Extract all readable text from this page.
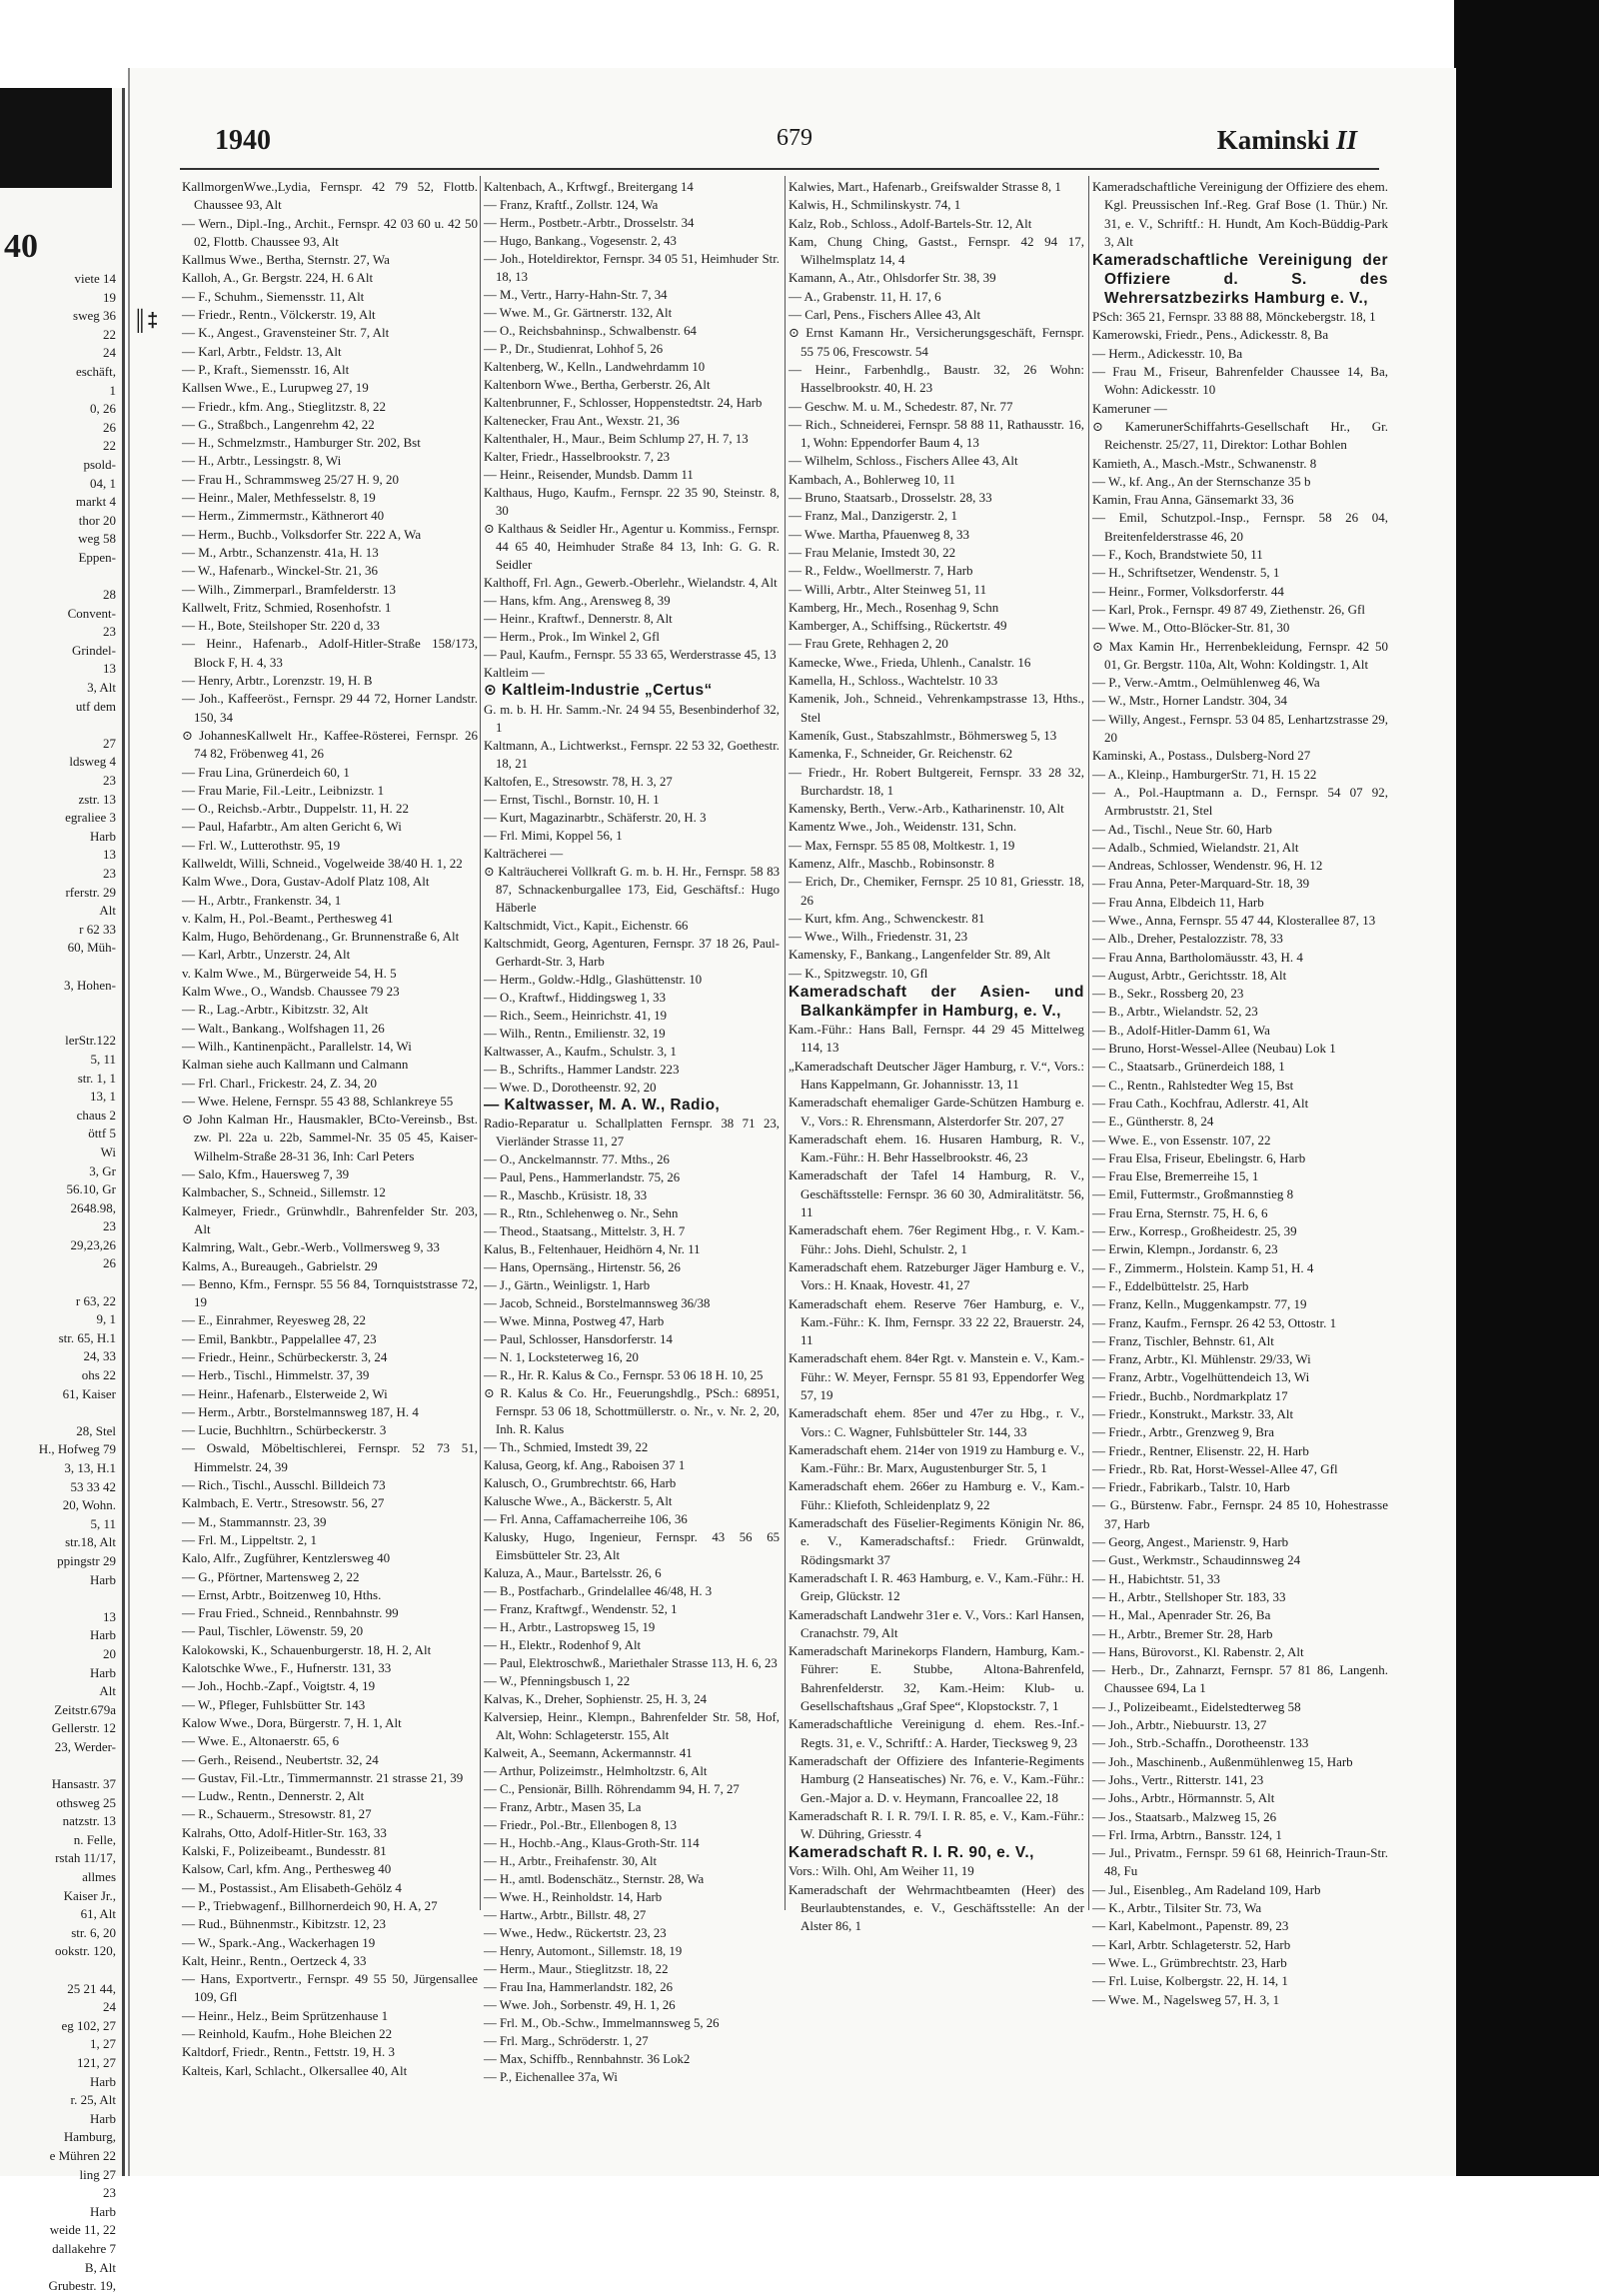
40
viete 14
19
sweg 36
22
24
eschäft,
1
0, 26
26
22
psold-
04, 1
markt 4
thor 20
weg 58
Eppen-
28
Convent-
23
Grindel-
13
3, Alt
utf dem
27
ldsweg 4
23
zstr. 13
egraliee 3
Harb
13
23
rferstr. 29
Alt
r 62 33
60, Müh-
3, Hohen-
lerStr.122
5, 11
str. 1, 1
13, 1
chaus 2
öttf 5
Wi
3, Gr
56.10, Gr
2648.98,
23
29,23,26
26
r 63, 22
9, 1
str. 65, H.1
24, 33
ohs 22
61, Kaiser
28, Stel
H., Hofweg 79
3, 13, H.1
53 33 42
20, Wohn.
5, 11
str.18, Alt
ppingstr 29
Harb
13
Harb
20
Harb
Alt
Zeitstr.679a
Gellerstr. 12
23, Werder-
Hansastr. 37
othsweg 25
natzstr. 13
n. Felle,
rstah 11/17,
allmes
Kaiser Jr.,
61, Alt
str. 6, 20
ookstr. 120,
25 21 44,
24
eg 102, 27
1, 27
121, 27
Harb
r. 25, Alt
Harb
Hamburg,
e Mühren 22
ling 27
23
Harb
weide 11, 22
dallakehre 7
B, Alt
Grubestr. 19,
║‡
1940	679	Kaminski II

KallmorgenWwe.,Lydia, Fernspr. 42 79 52, Flottb. Chaussee 93, Alt

— Wern., Dipl.-Ing., Archit., Fernspr. 42 03 60 u. 42 50 02, Flottb. Chaussee 93, Alt

Kallmus Wwe., Bertha, Sternstr. 27, Wa

Kalloh, A., Gr. Bergstr. 224, H. 6 Alt

— F., Schuhm., Siemensstr. 11, Alt

— Friedr., Rentn., Völckerstr. 19, Alt

— K., Angest., Gravensteiner Str. 7, Alt

— Karl, Arbtr., Feldstr. 13, Alt

— P., Kraft., Siemensstr. 16, Alt

Kallsen Wwe., E., Lurupweg 27, 19

— Friedr., kfm. Ang., Stieglitzstr. 8, 22

— G., Straßbch., Langenrehm 42, 22

— H., Schmelzmstr., Hamburger Str. 202, Bst

— H., Arbtr., Lessingstr. 8, Wi

— Frau H., Schrammsweg 25/27 H. 9, 20

— Heinr., Maler, Methfesselstr. 8, 19

— Herm., Zimmermstr., Käthnerort 40

— Herm., Buchb., Volksdorfer Str. 222 A, Wa

— M., Arbtr., Schanzenstr. 41a, H. 13

— W., Hafenarb., Winckel-Str. 21, 36

— Wilh., Zimmerparl., Bramfelderstr. 13

Kallwelt, Fritz, Schmied, Rosenhofstr. 1

— H., Bote, Steilshoper Str. 220 d, 33

— Heinr., Hafenarb., Adolf-Hitler-Straße 158/173, Block F, H. 4, 33

— Henry, Arbtr., Lorenzstr. 19, H. B

— Joh., Kaffeeröst., Fernspr. 29 44 72, Horner Landstr. 150, 34

⊙ JohannesKallwelt Hr., Kaffee-Rösterei, Fernspr. 26 74 82, Fröbenweg 41, 26

— Frau Lina, Grünerdeich 60, 1

— Frau Marie, Fil.-Leitr., Leibnizstr. 1

— O., Reichsb.-Arbtr., Duppelstr. 11, H. 22

— Paul, Hafarbtr., Am alten Gericht 6, Wi

— Frl. W., Lutterothstr. 95, 19

Kallweldt, Willi, Schneid., Vogelweide 38/40 H. 1, 22

Kalm Wwe., Dora, Gustav-Adolf Platz 108, Alt

— H., Arbtr., Frankenstr. 34, 1

v. Kalm, H., Pol.-Beamt., Perthesweg 41

Kalm, Hugo, Behördenang., Gr. Brunnenstraße 6, Alt

— Karl, Arbtr., Unzerstr. 24, Alt

v. Kalm Wwe., M., Bürgerweide 54, H. 5

Kalm Wwe., O., Wandsb. Chaussee 79 23

— R., Lag.-Arbtr., Kibitzstr. 32, Alt

— Walt., Bankang., Wolfshagen 11, 26

— Wilh., Kantinenpächt., Parallelstr. 14, Wi

Kalman siehe auch Kallmann und Calmann

— Frl. Charl., Frickestr. 24, Z. 34, 20

— Wwe. Helene, Fernspr. 55 43 88, Schlankreye 55

⊙ John Kalman Hr., Hausmakler, BCto-Vereinsb., Bst. zw. Pl. 22a u. 22b, Sammel-Nr. 35 05 45, Kaiser-Wilhelm-Straße 28-31 36, Inh: Carl Peters

— Salo, Kfm., Hauersweg 7, 39

Kalmbacher, S., Schneid., Sillemstr. 12

Kalmeyer, Friedr., Grünwhdlr., Bahrenfelder Str. 203, Alt

Kalmring, Walt., Gebr.-Werb., Vollmersweg 9, 33

Kalms, A., Bureaugeh., Gabrielstr. 29

— Benno, Kfm., Fernspr. 55 56 84, Tornquiststrasse 72, 19

— E., Einrahmer, Reyesweg 28, 22

— Emil, Bankbtr., Pappelallee 47, 23

— Friedr., Heinr., Schürbeckerstr. 3, 24

— Herb., Tischl., Himmelstr. 37, 39

— Heinr., Hafenarb., Elsterweide 2, Wi

— Herm., Arbtr., Borstelmannsweg 187, H. 4

— Lucie, Buchhltrn., Schürbeckerstr. 3

— Oswald, Möbeltischlerei, Fernspr. 52 73 51, Himmelstr. 24, 39

— Rich., Tischl., Ausschl. Billdeich 73

Kalmbach, E. Vertr., Stresowstr. 56, 27

— M., Stammannstr. 23, 39

— Frl. M., Lippeltstr. 2, 1

Kalo, Alfr., Zugführer, Kentzlersweg 40

— G., Pförtner, Martensweg 2, 22

— Ernst, Arbtr., Boitzenweg 10, Hths.

— Frau Fried., Schneid., Rennbahnstr. 99

— Paul, Tischler, Löwenstr. 59, 20

Kalokowski, K., Schauenburgerstr. 18, H. 2, Alt

Kalotschke Wwe., F., Hufnerstr. 131, 33

— Joh., Hochb.-Zapf., Voigtstr. 4, 19

— W., Pfleger, Fuhlsbütter Str. 143

Kalow Wwe., Dora, Bürgerstr. 7, H. 1, Alt

— Wwe. E., Altonaerstr. 65, 6

— Gerh., Reisend., Neubertstr. 32, 24

— Gustav, Fil.-Ltr., Timmermannstr. 21 strasse 21, 39

— Ludw., Rentn., Dennerstr. 2, Alt

— R., Schauerm., Stresowstr. 81, 27

Kalrahs, Otto, Adolf-Hitler-Str. 163, 33

Kalski, F., Polizeibeamt., Bundesstr. 81

Kalsow, Carl, kfm. Ang., Perthesweg 40

— M., Postassist., Am Elisabeth-Gehölz 4

— P., Triebwagenf., Billhornerdeich 90, H. A, 27

— Rud., Bühnenmstr., Kibitzstr. 12, 23

— W., Spark.-Ang., Wackerhagen 19

Kalt, Heinr., Rentn., Oertzeck 4, 33

— Hans, Exportvertr., Fernspr. 49 55 50, Jürgensallee 109, Gfl

— Heinr., Helz., Beim Sprützenhause 1

— Reinhold, Kaufm., Hohe Bleichen 22

Kaltdorf, Friedr., Rentn., Fettstr. 19, H. 3

Kalteis, Karl, Schlacht., Olkersallee 40, Alt

Kaltenbach, A., Krftwgf., Breitergang 14

— Franz, Kraftf., Zollstr. 124, Wa

— Herm., Postbetr.-Arbtr., Drosselstr. 34

— Hugo, Bankang., Vogesenstr. 2, 43

— Joh., Hoteldirektor, Fernspr. 34 05 51, Heimhuder Str. 18, 13

— M., Vertr., Harry-Hahn-Str. 7, 34

— Wwe. M., Gr. Gärtnerstr. 132, Alt

— O., Reichsbahninsp., Schwalbenstr. 64

— P., Dr., Studienrat, Lohhof 5, 26

Kaltenberg, W., Kelln., Landwehrdamm 10

Kaltenborn Wwe., Bertha, Gerberstr. 26, Alt

Kaltenbrunner, F., Schlosser, Hoppenstedtstr. 24, Harb

Kaltenecker, Frau Ant., Wexstr. 21, 36

Kaltenthaler, H., Maur., Beim Schlump 27, H. 7, 13

Kalter, Friedr., Hasselbrookstr. 7, 23

— Heinr., Reisender, Mundsb. Damm 11

Kalthaus, Hugo, Kaufm., Fernspr. 22 35 90, Steinstr. 8, 30

⊙ Kalthaus & Seidler Hr., Agentur u. Kommiss., Fernspr. 44 65 40, Heimhuder Straße 84 13, Inh: G. G. R. Seidler

Kalthoff, Frl. Agn., Gewerb.-Oberlehr., Wielandstr. 4, Alt

— Hans, kfm. Ang., Arensweg 8, 39

— Heinr., Kraftwf., Dennerstr. 8, Alt

— Herm., Prok., Im Winkel 2, Gfl

— Paul, Kaufm., Fernspr. 55 33 65, Werderstrasse 45, 13

Kaltleim —

⊙ Kaltleim-Industrie „Certus“

G. m. b. H. Hr. Samm.-Nr. 24 94 55, Besenbinderhof 32, 1

Kaltmann, A., Lichtwerkst., Fernspr. 22 53 32, Goethestr. 18, 21

Kaltofen, E., Stresowstr. 78, H. 3, 27

— Ernst, Tischl., Bornstr. 10, H. 1

— Kurt, Magazinarbtr., Schäferstr. 20, H. 3

— Frl. Mimi, Koppel 56, 1

Kalträcherei —

⊙ Kalträucherei Vollkraft G. m. b. H. Hr., Fernspr. 58 83 87, Schnackenburgallee 173, Eid, Geschäftsf.: Hugo Häberle

Kaltschmidt, Vict., Kapit., Eichenstr. 66

Kaltschmidt, Georg, Agenturen, Fernspr. 37 18 26, Paul-Gerhardt-Str. 3, Harb

— Herm., Goldw.-Hdlg., Glashüttenstr. 10

— O., Kraftwf., Hiddingsweg 1, 33

— Rich., Seem., Heinrichstr. 41, 19

— Wilh., Rentn., Emilienstr. 32, 19

Kaltwasser, A., Kaufm., Schulstr. 3, 1

— B., Schrifts., Hammer Landstr. 223

— Wwe. D., Dorotheenstr. 92, 20

— Kaltwasser, M. A. W., Radio,

Radio-Reparatur u. Schallplatten Fernspr. 38 71 23, Vierländer Strasse 11, 27

— O., Anckelmannstr. 77. Mths., 26

— Paul, Pens., Hammerlandstr. 75, 26

— R., Maschb., Krüsistr. 18, 33

— R., Rtn., Schlehenweg o. Nr., Sehn

— Theod., Staatsang., Mittelstr. 3, H. 7

Kalus, B., Feltenhauer, Heidhörn 4, Nr. 11

— Hans, Opernsäng., Hirtenstr. 56, 26

— J., Gärtn., Weinligstr. 1, Harb

— Jacob, Schneid., Borstelmannsweg 36/38

— Wwe. Minna, Postweg 47, Harb

— Paul, Schlosser, Hansdorferstr. 14

— N. 1, Locksteterweg 16, 20

— R., Hr. R. Kalus & Co., Fernspr. 53 06 18 H. 10, 25

⊙ R. Kalus & Co. Hr., Feuerungshdlg., PSch.: 68951, Fernspr. 53 06 18, Schottmüllerstr. o. Nr., v. Nr. 2, 20, Inh. R. Kalus

— Th., Schmied, Imstedt 39, 22

Kalusa, Georg, kf. Ang., Raboisen 37 1

Kalusch, O., Grumbrechtstr. 66, Harb

Kalusche Wwe., A., Bäckerstr. 5, Alt

— Frl. Anna, Caffamacherreihe 106, 36

Kalusky, Hugo, Ingenieur, Fernspr. 43 56 65 Eimsbütteler Str. 23, Alt

Kaluza, A., Maur., Bartelsstr. 26, 6

— B., Postfacharb., Grindelallee 46/48, H. 3

— Franz, Kraftwgf., Wendenstr. 52, 1

— H., Arbtr., Lastropsweg 15, 19

— H., Elektr., Rodenhof 9, Alt

— Paul, Elektroschwß., Mariethaler Strasse 113, H. 6, 23

— W., Pfenningsbusch 1, 22

Kalvas, K., Dreher, Sophienstr. 25, H. 3, 24

Kalversiep, Heinr., Klempn., Bahrenfelder Str. 58, Hof, Alt, Wohn: Schlageterstr. 155, Alt

Kalweit, A., Seemann, Ackermannstr. 41

— Arthur, Polizeimstr., Helmholtzstr. 6, Alt

— C., Pensionär, Billh. Röhrendamm 94, H. 7, 27

— Franz, Arbtr., Masen 35, La

— Friedr., Pol.-Btr., Ellenbogen 8, 13

— H., Hochb.-Ang., Klaus-Groth-Str. 114

— H., Arbtr., Freihafenstr. 30, Alt

— H., amtl. Bodenschätz., Sternstr. 28, Wa

— Wwe. H., Reinholdstr. 14, Harb

— Hartw., Arbtr., Billstr. 48, 27

— Wwe., Hedw., Rückertstr. 23, 23

— Henry, Automont., Sillemstr. 18, 19

— Herm., Maur., Stieglitzstr. 18, 22

— Frau Ina, Hammerlandstr. 182, 26

— Wwe. Joh., Sorbenstr. 49, H. 1, 26

— Frl. M., Ob.-Schw., Immelmannsweg 5, 26

— Frl. Marg., Schröderstr. 1, 27

— Max, Schiffb., Rennbahnstr. 36 Lok2

— P., Eichenallee 37a, Wi

Kalwies, Mart., Hafenarb., Greifswalder Strasse 8, 1

Kalwis, H., Schmilinskystr. 74, 1

Kalz, Rob., Schloss., Adolf-Bartels-Str. 12, Alt

Kam, Chung Ching, Gastst., Fernspr. 42 94 17, Wilhelmsplatz 14, 4

Kamann, A., Atr., Ohlsdorfer Str. 38, 39

— A., Grabenstr. 11, H. 17, 6

— Carl, Pens., Fischers Allee 43, Alt

⊙ Ernst Kamann Hr., Versicherungsgeschäft, Fernspr. 55 75 06, Frescowstr. 54

— Heinr., Farbenhdlg., Baustr. 32, 26 Wohn: Hasselbrookstr. 40, H. 23

— Geschw. M. u. M., Schedestr. 87, Nr. 77

— Rich., Schneiderei, Fernspr. 58 88 11, Rathausstr. 16, 1, Wohn: Eppendorfer Baum 4, 13

— Wilhelm, Schloss., Fischers Allee 43, Alt

Kambach, A., Bohlerweg 10, 11

— Bruno, Staatsarb., Drosselstr. 28, 33

— Franz, Mal., Danzigerstr. 2, 1

— Wwe. Martha, Pfauenweg 8, 33

— Frau Melanie, Imstedt 30, 22

— R., Feldw., Woellmerstr. 7, Harb

— Willi, Arbtr., Alter Steinweg 51, 11

Kamberg, Hr., Mech., Rosenhag 9, Schn

Kamberger, A., Schiffsing., Rückertstr. 49

— Frau Grete, Rehhagen 2, 20

Kamecke, Wwe., Frieda, Uhlenh., Canalstr. 16

Kamella, H., Schloss., Wachtelstr. 10 33

Kamenik, Joh., Schneid., Vehrenkampstrasse 13, Hths., Stel

Kameník, Gust., Stabszahlmstr., Böhmersweg 5, 13

Kamenka, F., Schneider, Gr. Reichenstr. 62

— Friedr., Hr. Robert Bultgereit, Fernspr. 33 28 32, Burchardstr. 18, 1

Kamensky, Berth., Verw.-Arb., Katharinenstr. 10, Alt

Kamentz Wwe., Joh., Weidenstr. 131, Schn.

— Max, Fernspr. 55 85 08, Moltkestr. 1, 19

Kamenz, Alfr., Maschb., Robinsonstr. 8

— Erich, Dr., Chemiker, Fernspr. 25 10 81, Griesstr. 18, 26

— Kurt, kfm. Ang., Schwenckestr. 81

— Wwe., Wilh., Friedenstr. 31, 23

Kamensky, F., Bankang., Langenfelder Str. 89, Alt

— K., Spitzwegstr. 10, Gfl

Kameradschaft der Asien- und Balkankämpfer in Hamburg, e. V.,

Kam.-Führ.: Hans Ball, Fernspr. 44 29 45 Mittelweg 114, 13

„Kameradschaft Deutscher Jäger Hamburg, r. V.“, Vors.: Hans Kappelmann, Gr. Johannisstr. 13, 11

Kameradschaft ehemaliger Garde-Schützen Hamburg e. V., Vors.: R. Ehrensmann, Alsterdorfer Str. 207, 27

Kameradschaft ehem. 16. Husaren Hamburg, R. V., Kam.-Führ.: H. Behr Hasselbrookstr. 46, 23

Kameradschaft der Tafel 14 Hamburg, R. V., Geschäftsstelle: Fernspr. 36 60 30, Admiralitätstr. 56, 11

Kameradschaft ehem. 76er Regiment Hbg., r. V. Kam.-Führ.: Johs. Diehl, Schulstr. 2, 1

Kameradschaft ehem. Ratzeburger Jäger Hamburg e. V., Vors.: H. Knaak, Hovestr. 41, 27

Kameradschaft ehem. Reserve 76er Hamburg, e. V., Kam.-Führ.: K. Ihm, Fernspr. 33 22 22, Brauerstr. 24, 11

Kameradschaft ehem. 84er Rgt. v. Manstein e. V., Kam.-Führ.: W. Meyer, Fernspr. 55 81 93, Eppendorfer Weg 57, 19

Kameradschaft ehem. 85er und 47er zu Hbg., r. V., Vors.: C. Wagner, Fuhlsbütteler Str. 144, 33

Kameradschaft ehem. 214er von 1919 zu Hamburg e. V., Kam.-Führ.: Br. Marx, Augustenburger Str. 5, 1

Kameradschaft ehem. 266er zu Hamburg e. V., Kam.-Führ.: Kliefoth, Schleidenplatz 9, 22

Kameradschaft des Füselier-Regiments Königin Nr. 86, e. V., Kameradschaftsf.: Friedr. Grünwaldt, Rödingsmarkt 37

Kameradschaft I. R. 463 Hamburg, e. V., Kam.-Führ.: H. Greip, Glückstr. 12

Kameradschaft Landwehr 31er e. V., Vors.: Karl Hansen, Cranachstr. 79, Alt

Kameradschaft Marinekorps Flandern, Hamburg, Kam.-Führer: E. Stubbe, Altona-Bahrenfeld, Bahrenfelderstr. 32, Kam.-Heim: Klub- u. Gesellschaftshaus „Graf Spee“, Klopstockstr. 7, 1

Kameradschaftliche Vereinigung d. ehem. Res.-Inf.-Regts. 31, e. V., Schriftf.: A. Harder, Tiecksweg 9, 23

Kameradschaft der Offiziere des Infanterie-Regiments Hamburg (2 Hanseatisches) Nr. 76, e. V., Kam.-Führ.: Gen.-Major a. D. v. Heymann, Francoallee 22, 18

Kameradschaft R. I. R. 79/I. I. R. 85, e. V., Kam.-Führ.: W. Dühring, Griesstr. 4

Kameradschaft R. I. R. 90, e. V.,

Vors.: Wilh. Ohl, Am Weiher 11, 19

Kameradschaft der Wehrmachtbeamten (Heer) des Beurlaubtenstandes, e. V., Geschäftsstelle: An der Alster 86, 1

Kameradschaftliche Vereinigung der Offiziere des ehem. Kgl. Preussischen Inf.-Reg. Graf Bose (1. Thür.) Nr. 31, e. V., Schriftf.: H. Hundt, Am Koch-Büddig-Park 3, Alt

Kameradschaftliche Vereinigung der Offiziere d. S. des Wehrersatzbezirks Hamburg e. V.,

PSch: 365 21, Fernspr. 33 88 88, Mönckebergstr. 18, 1

Kamerowski, Friedr., Pens., Adickesstr. 8, Ba

— Herm., Adickesstr. 10, Ba

— Frau M., Friseur, Bahrenfelder Chaussee 14, Ba, Wohn: Adickesstr. 10

Kameruner —

⊙ KamerunerSchiffahrts-Gesellschaft Hr., Gr. Reichenstr. 25/27, 11, Direktor: Lothar Bohlen

Kamieth, A., Masch.-Mstr., Schwanenstr. 8

— W., kf. Ang., An der Sternschanze 35 b

Kamin, Frau Anna, Gänsemarkt 33, 36

— Emil, Schutzpol.-Insp., Fernspr. 58 26 04, Breitenfelderstrasse 46, 20

— F., Koch, Brandstwiete 50, 11

— H., Schriftsetzer, Wendenstr. 5, 1

— Heinr., Former, Volksdorferstr. 44

— Karl, Prok., Fernspr. 49 87 49, Ziethenstr. 26, Gfl

— Wwe. M., Otto-Blöcker-Str. 81, 30

⊙ Max Kamin Hr., Herrenbekleidung, Fernspr. 42 50 01, Gr. Bergstr. 110a, Alt, Wohn: Koldingstr. 1, Alt

— P., Verw.-Amtm., Oelmühlenweg 46, Wa

— W., Mstr., Horner Landstr. 304, 34

— Willy, Angest., Fernspr. 53 04 85, Lenhartzstrasse 29, 20

Kaminski, A., Postass., Dulsberg-Nord 27

— A., Kleinp., HamburgerStr. 71, H. 15 22

— A., Pol.-Hauptmann a. D., Fernspr. 54 07 92, Armbruststr. 21, Stel

— Ad., Tischl., Neue Str. 60, Harb

— Adalb., Schmied, Wielandstr. 21, Alt

— Andreas, Schlosser, Wendenstr. 96, H. 12

— Frau Anna, Peter-Marquard-Str. 18, 39

— Frau Anna, Elbdeich 11, Harb

— Wwe., Anna, Fernspr. 55 47 44, Klosterallee 87, 13

— Alb., Dreher, Pestalozzistr. 78, 33

— Frau Anna, Bartholomäusstr. 43, H. 4

— August, Arbtr., Gerichtsstr. 18, Alt

— B., Sekr., Rossberg 20, 23

— B., Arbtr., Wielandstr. 52, 23

— B., Adolf-Hitler-Damm 61, Wa

— Bruno, Horst-Wessel-Allee (Neubau) Lok 1

— C., Staatsarb., Grünerdeich 188, 1

— C., Rentn., Rahlstedter Weg 15, Bst

— Frau Cath., Kochfrau, Adlerstr. 41, Alt

— E., Güntherstr. 8, 24

— Wwe. E., von Essenstr. 107, 22

— Frau Elsa, Friseur, Ebelingstr. 6, Harb

— Frau Else, Bremerreihe 15, 1

— Emil, Futtermstr., Großmannstieg 8

— Frau Erna, Sternstr. 75, H. 6, 6

— Erw., Korresp., Großheidestr. 25, 39

— Erwin, Klempn., Jordanstr. 6, 23

— F., Zimmerm., Holstein. Kamp 51, H. 4

— F., Eddelbüttelstr. 25, Harb

— Franz, Kelln., Muggenkampstr. 77, 19

— Franz, Kaufm., Fernspr. 26 42 53, Ottostr. 1

— Franz, Tischler, Behnstr. 61, Alt

— Franz, Arbtr., Kl. Mühlenstr. 29/33, Wi

— Franz, Arbtr., Vogelhüttendeich 13, Wi

— Friedr., Buchb., Nordmarkplatz 17

— Friedr., Konstrukt., Markstr. 33, Alt

— Friedr., Arbtr., Grenzweg 9, Bra

— Friedr., Rentner, Elisenstr. 22, H. Harb

— Friedr., Rb. Rat, Horst-Wessel-Allee 47, Gfl

— Friedr., Fabrikarb., Talstr. 10, Harb

— G., Bürstenw. Fabr., Fernspr. 24 85 10, Hohestrasse 37, Harb

— Georg, Angest., Marienstr. 9, Harb

— Gust., Werkmstr., Schaudinnsweg 24

— H., Habichtstr. 51, 33

— H., Arbtr., Stellshoper Str. 183, 33

— H., Mal., Apenrader Str. 26, Ba

— H., Arbtr., Bremer Str. 28, Harb

— Hans, Bürovorst., Kl. Rabenstr. 2, Alt

— Herb., Dr., Zahnarzt, Fernspr. 57 81 86, Langenh. Chaussee 694, La 1

— J., Polizeibeamt., Eidelstedterweg 58

— Joh., Arbtr., Niebuurstr. 13, 27

— Joh., Strb.-Schaffn., Dorotheenstr. 133

— Joh., Maschinenb., Außenmühlenweg 15, Harb

— Johs., Vertr., Ritterstr. 141, 23

— Johs., Arbtr., Hörmannstr. 5, Alt

— Jos., Staatsarb., Malzweg 15, 26

— Frl. Irma, Arbtrn., Bansstr. 124, 1

— Jul., Privatm., Fernspr. 59 61 68, Heinrich-Traun-Str. 48, Fu

— Jul., Eisenbleg., Am Radeland 109, Harb

— K., Arbtr., Tilsiter Str. 73, Wa

— Karl, Kabelmont., Papenstr. 89, 23

— Karl, Arbtr. Schlageterstr. 52, Harb

— Wwe. L., Grümbrechtstr. 23, Harb

— Frl. Luise, Kolbergstr. 22, H. 14, 1

— Wwe. M., Nagelsweg 57, H. 3, 1
